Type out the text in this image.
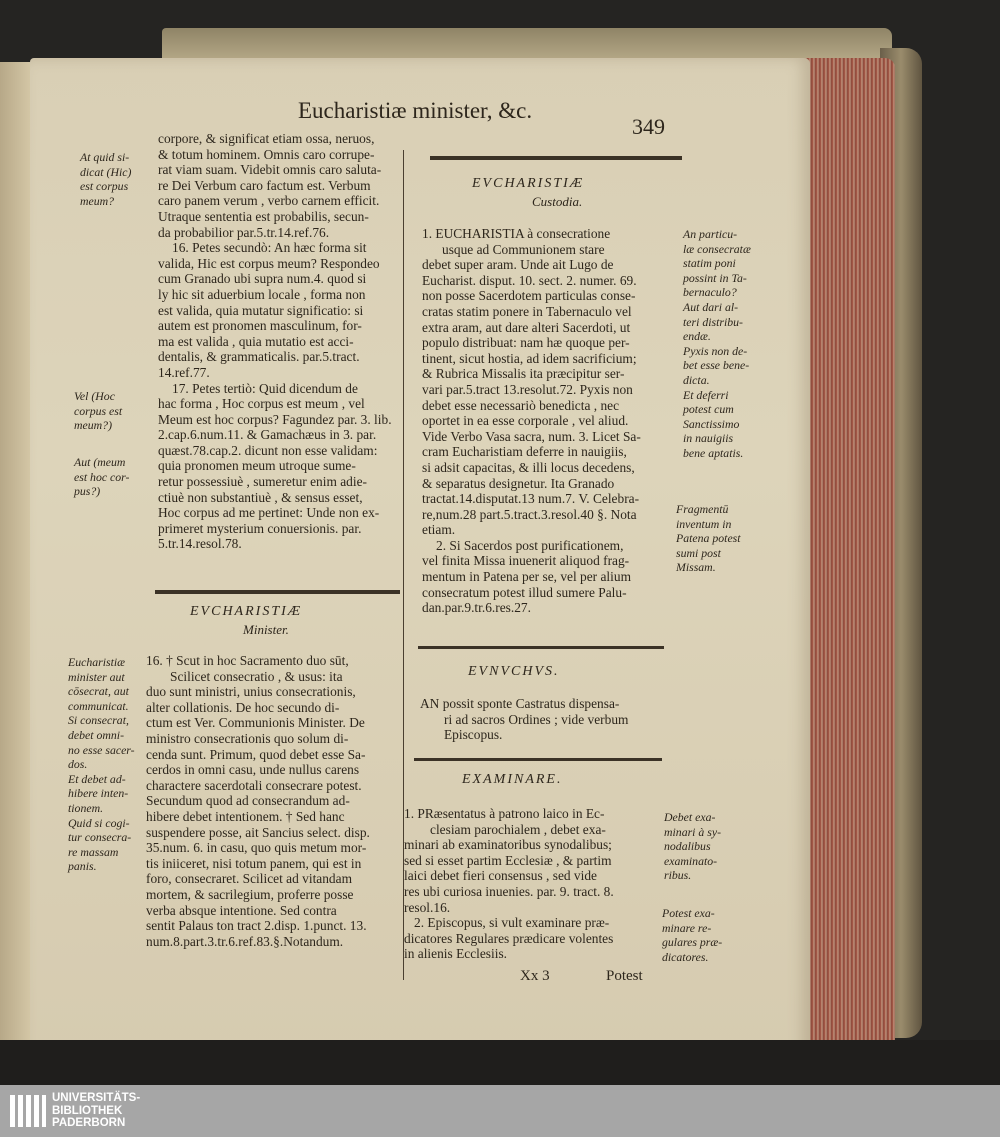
Eucharistiæ minister, &c.
349
corpore, & significat etiam ossa, neruos,
& totum hominem. Omnis caro corrupe-
rat viam suam. Videbit omnis caro saluta-
re Dei Verbum caro factum est. Verbum
caro panem verum , verbo carnem efficit.
Utraque sententia est probabilis, secun-
da probabilior par.5.tr.14.ref.76.
16. Petes secundò: An hæc forma sit
valida, Hic est corpus meum? Respondeo
cum Granado ubi supra num.4. quod si
ly hic sit aduerbium locale , forma non
est valida, quia mutatur significatio: si
autem est pronomen masculinum, for-
ma est valida , quia mutatio est acci-
dentalis, & grammaticalis. par.5.tract.
14.ref.77.
17. Petes tertiò: Quid dicendum de
hac forma , Hoc corpus est meum , vel
Meum est hoc corpus? Fagundez par. 3. lib.
2.cap.6.num.11. & Gamachæus in 3. par.
quæst.78.cap.2. dicunt non esse validam:
quia pronomen meum utroque sume-
retur possessiuè , sumeretur enim adie-
ctiuè non substantiuè , & sensus esset,
Hoc corpus ad me pertinet: Unde non ex-
primeret mysterium conuersionis. par.
5.tr.14.resol.78.
EVCHARISTIÆ
Minister.
16. † Scut in hoc Sacramento duo sūt,
Scilicet consecratio , & usus: ita
duo sunt ministri, unius consecrationis,
alter collationis. De hoc secundo di-
ctum est Ver. Communionis Minister. De
ministro consecrationis quo solum di-
cenda sunt. Primum, quod debet esse Sa-
cerdos in omni casu, unde nullus carens
charactere sacerdotali consecrare potest.
Secundum quod ad consecrandum ad-
hibere debet intentionem. † Sed hanc
suspendere posse, ait Sancius select. disp.
35.num. 6. in casu, quo quis metum mor-
tis iniiceret, nisi totum panem, qui est in
foro, consecraret. Scilicet ad vitandam
mortem, & sacrilegium, proferre posse
verba absque intentione. Sed contra
sentit Palaus ton tract 2.disp. 1.punct. 13.
num.8.part.3.tr.6.ref.83.§.Notandum.
At quid si-
dicat (Hic)
est corpus
meum?
Vel (Hoc
corpus est
meum?)
Aut (meum
est hoc cor-
pus?)
Eucharistiæ
minister aut
cōsecrat, aut
communicat.
Si consecrat,
debet omni-
no esse sacer-
dos.
Et debet ad-
hibere inten-
tionem.
Quid si cogi-
tur consecra-
re massam
panis.
EVCHARISTIÆ
Custodia.
1. EUCHARISTIA à consecratione
usque ad Communionem stare
debet super aram. Unde ait Lugo de
Eucharist. disput. 10. sect. 2. numer. 69.
non posse Sacerdotem particulas conse-
cratas statim ponere in Tabernaculo vel
extra aram, aut dare alteri Sacerdoti, ut
populo distribuat: nam hæ quoque per-
tinent, sicut hostia, ad idem sacrificium;
& Rubrica Missalis ita præcipitur ser-
vari par.5.tract 13.resolut.72. Pyxis non
debet esse necessariò benedicta , nec
oportet in ea esse corporale , vel aliud.
Vide Verbo Vasa sacra, num. 3. Licet Sa-
cram Eucharistiam deferre in nauigiis,
si adsit capacitas, & illi locus decedens,
& separatus designetur. Ita Granado
tractat.14.disputat.13 num.7. V. Celebra-
re,num.28 part.5.tract.3.resol.40 §. Nota
etiam.
2. Si Sacerdos post purificationem,
vel finita Missa inuenerit aliquod frag-
mentum in Patena per se, vel per alium
consecratum potest illud sumere Palu-
dan.par.9.tr.6.res.27.
EVNVCHVS.
AN possit sponte Castratus dispensa-
ri ad sacros Ordines ; vide verbum
Episcopus.
EXAMINARE.
1. PRæsentatus à patrono laico in Ec-
clesiam parochialem , debet exa-
minari ab examinatoribus synodalibus;
sed si esset partim Ecclesiæ , & partim
laici debet fieri consensus , sed vide
res ubi curiosa inuenies. par. 9. tract. 8.
resol.16.
2. Episcopus, si vult examinare præ-
dicatores Regulares prædicare volentes
in alienis Ecclesiis.
An particu-
læ consecratæ
statim poni
possint in Ta-
bernaculo?
Aut dari al-
teri distribu-
endæ.
Pyxis non de-
bet esse bene-
dicta.
Et deferri
potest cum
Sanctissimo
in nauigiis
bene aptatis.
Fragmentū
inventum in
Patena potest
sumi post
Missam.
Debet exa-
minari à sy-
nodalibus
examinato-
ribus.
Potest exa-
minare re-
gulares præ-
dicatores.
Xx 3	Potest
UNIVERSITÄTS-
BIBLIOTHEK
PADERBORN
